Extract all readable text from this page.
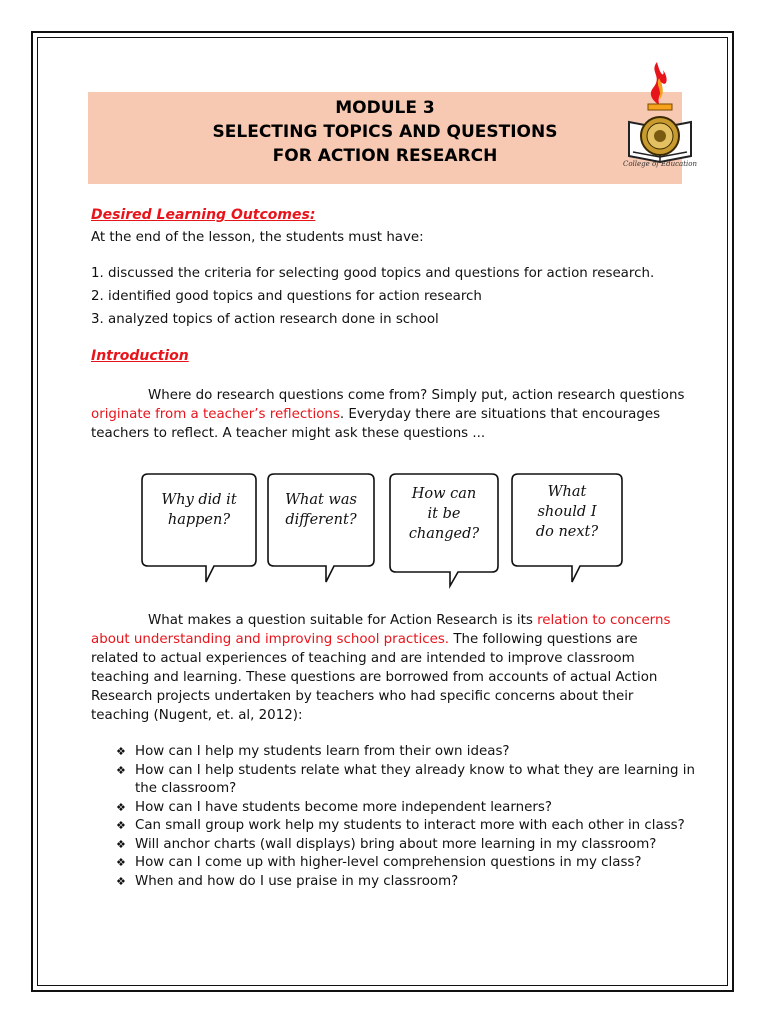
MODULE 3
SELECTING TOPICS AND QUESTIONS
FOR ACTION RESEARCH	College of Education
Desired Learning Outcomes:
At the end of the lesson, the students must have:
1. discussed the criteria for selecting good topics and questions for action research.
2. identified good topics and questions for action research
3. analyzed topics of action research done in school
Introduction
Where do research questions come from? Simply put, action research questions
originate from a teacher’s reflections. Everyday there are situations that encourages
teachers to reflect. A teacher might ask these questions ...
Why did it
happen?
What was
different?
How can
it be
changed?
What
should I
do next?
What makes a question suitable for Action Research is its relation to concerns
about understanding and improving school practices. The following questions are
related to actual experiences of teaching and are intended to improve classroom
teaching and learning. These questions are borrowed from accounts of actual Action
Research projects undertaken by teachers who had specific concerns about their
teaching (Nugent, et. al, 2012):
❖ How can I help my students learn from their own ideas?
❖ How can I help students relate what they already know to what they are learning in the classroom?
❖ How can I have students become more independent learners?
❖ Can small group work help my students to interact more with each other in class?
❖ Will anchor charts (wall displays) bring about more learning in my classroom?
❖ How can I come up with higher-level comprehension questions in my class?
❖ When and how do I use praise in my classroom?
